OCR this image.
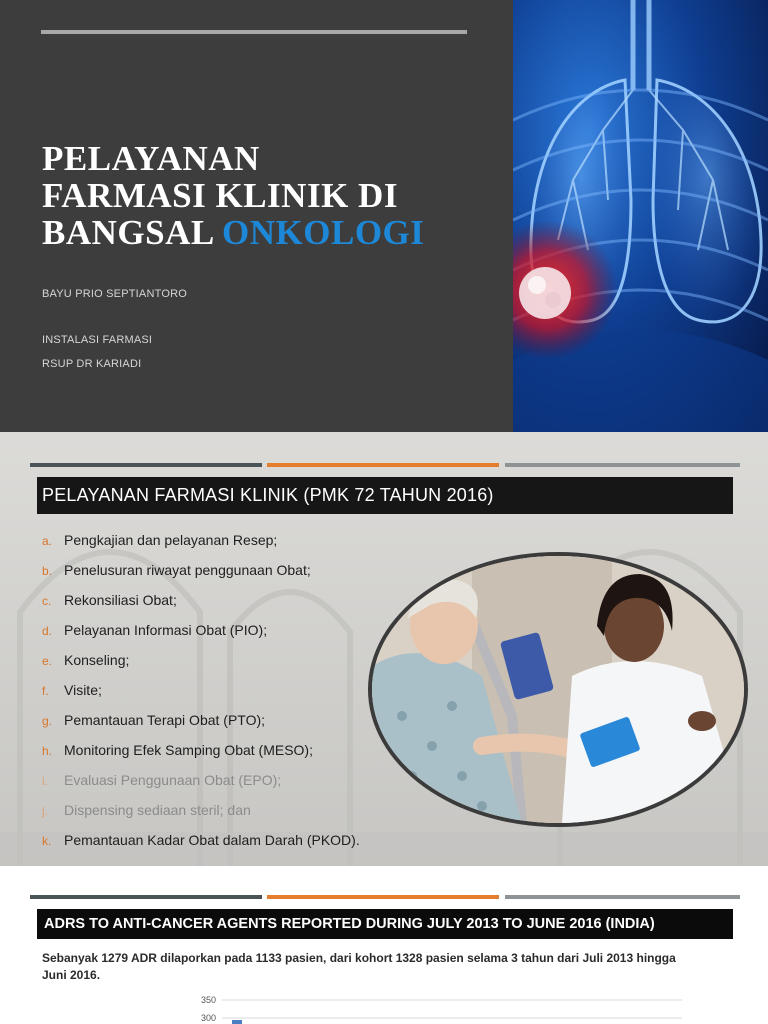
PELAYANAN
FARMASI KLINIK DI
BANGSAL ONKOLOGI
BAYU PRIO SEPTIANTORO
INSTALASI FARMASI
RSUP DR KARIADI
PELAYANAN FARMASI KLINIK (PMK 72 TAHUN 2016)
a. Pengkajian dan pelayanan Resep;
b. Penelusuran riwayat penggunaan Obat;
c. Rekonsiliasi Obat;
d. Pelayanan Informasi Obat (PIO);
e. Konseling;
f. Visite;
g. Pemantauan Terapi Obat (PTO);
h. Monitoring Efek Samping Obat (MESO);
i. Evaluasi Penggunaan Obat (EPO);
j. Dispensing sediaan steril; dan
k. Pemantauan Kadar Obat dalam Darah (PKOD).
ADRS TO ANTI-CANCER AGENTS REPORTED DURING JULY 2013 TO JUNE 2016 (INDIA)

Sebanyak 1279 ADR dilaporkan pada 1133 pasien, dari kohort 1328 pasien selama 3 tahun dari Juli 2013 hingga Juni 2016.

350
300
